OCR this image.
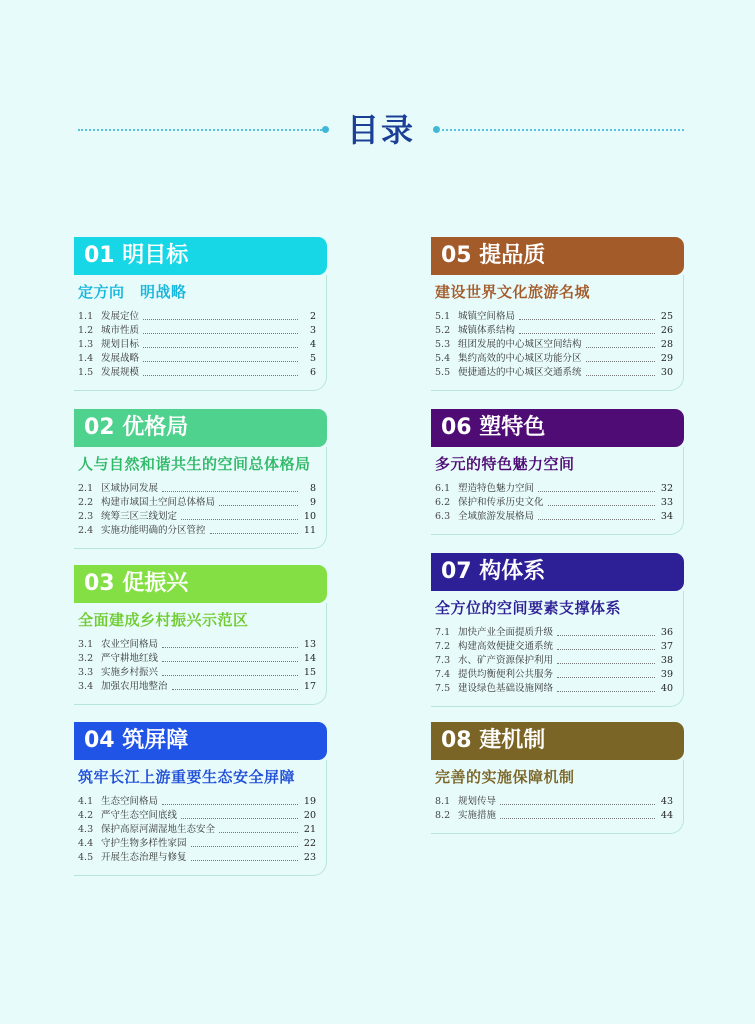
目录
01 明目标
定方向　明战略
1.1 发展定位	2
1.2 城市性质	3
1.3 规划目标	4
1.4 发展战略	5
1.5 发展规模	6
02 优格局
人与自然和谐共生的空间总体格局
2.1 区域协同发展	8
2.2 构建市域国土空间总体格局	9
2.3 统筹三区三线划定	10
2.4 实施功能明确的分区管控	11
03 促振兴
全面建成乡村振兴示范区
3.1 农业空间格局	13
3.2 严守耕地红线	14
3.3 实施乡村振兴	15
3.4 加强农用地整治	17
04 筑屏障
筑牢长江上游重要生态安全屏障
4.1 生态空间格局	19
4.2 严守生态空间底线	20
4.3 保护高原河湖湿地生态安全	21
4.4 守护生物多样性家园	22
4.5 开展生态治理与修复	23
05 提品质
建设世界文化旅游名城
5.1 城镇空间格局	25
5.2 城镇体系结构	26
5.3 组团发展的中心城区空间结构	28
5.4 集约高效的中心城区功能分区	29
5.5 便捷通达的中心城区交通系统	30
06 塑特色
多元的特色魅力空间
6.1 塑造特色魅力空间	32
6.2 保护和传承历史文化	33
6.3 全域旅游发展格局	34
07 构体系
全方位的空间要素支撑体系
7.1 加快产业全面提质升级	36
7.2 构建高效便捷交通系统	37
7.3 水、矿产资源保护利用	38
7.4 提供均衡便利公共服务	39
7.5 建设绿色基础设施网络	40
08 建机制
完善的实施保障机制
8.1 规划传导	43
8.2 实施措施	44
